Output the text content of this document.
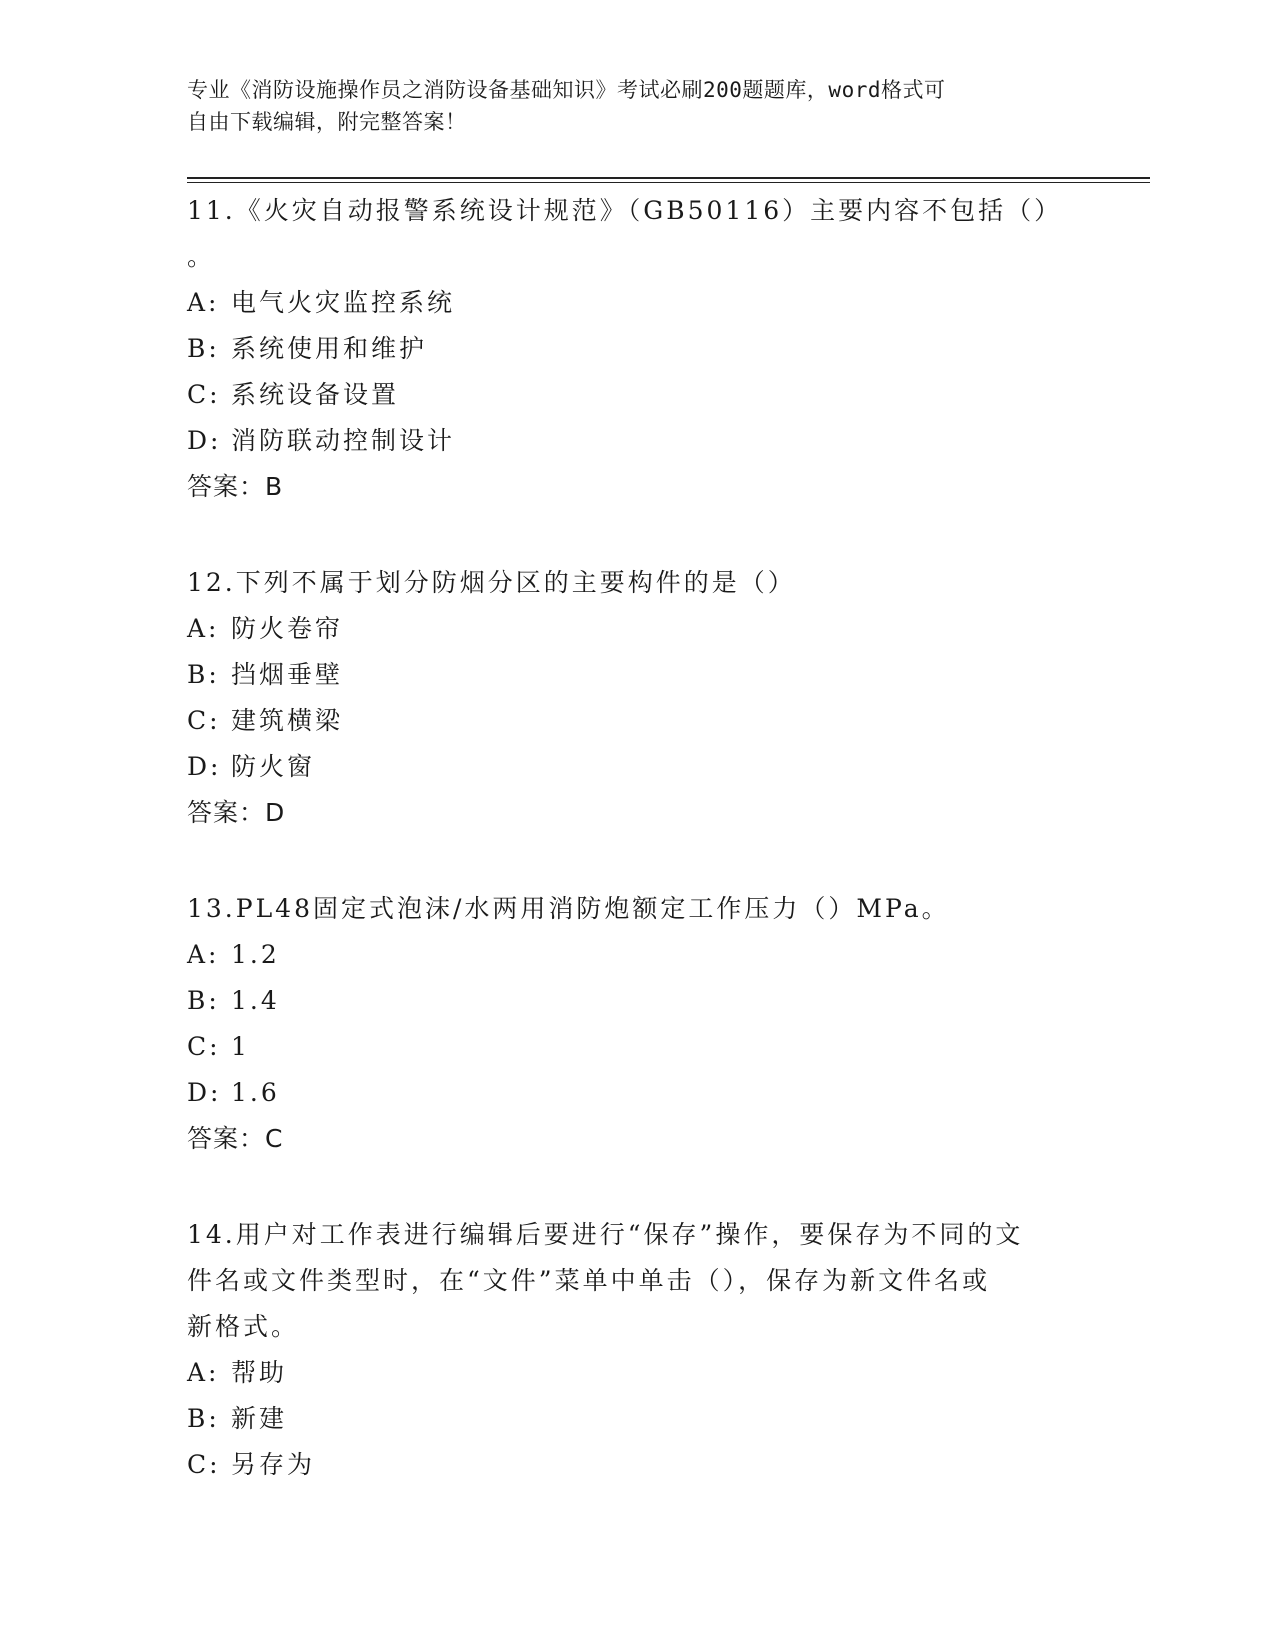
专业《消防设施操作员之消防设备基础知识》考试必刷200题题库，word格式可
自由下载编辑，附完整答案！
11.《火灾自动报警系统设计规范》（GB50116）主要内容不包括（）
。
A: 电气火灾监控系统
B: 系统使用和维护
C: 系统设备设置
D: 消防联动控制设计
答案：B
12.下列不属于划分防烟分区的主要构件的是（）
A: 防火卷帘
B: 挡烟垂壁
C: 建筑横梁
D: 防火窗
答案：D
13.PL48固定式泡沫/水两用消防炮额定工作压力（）MPa。
A: 1.2
B: 1.4
C: 1
D: 1.6
答案：C
14.用户对工作表进行编辑后要进行“保存”操作，要保存为不同的文
件名或文件类型时，在“文件”菜单中单击（），保存为新文件名或
新格式。
A: 帮助
B: 新建
C: 另存为
